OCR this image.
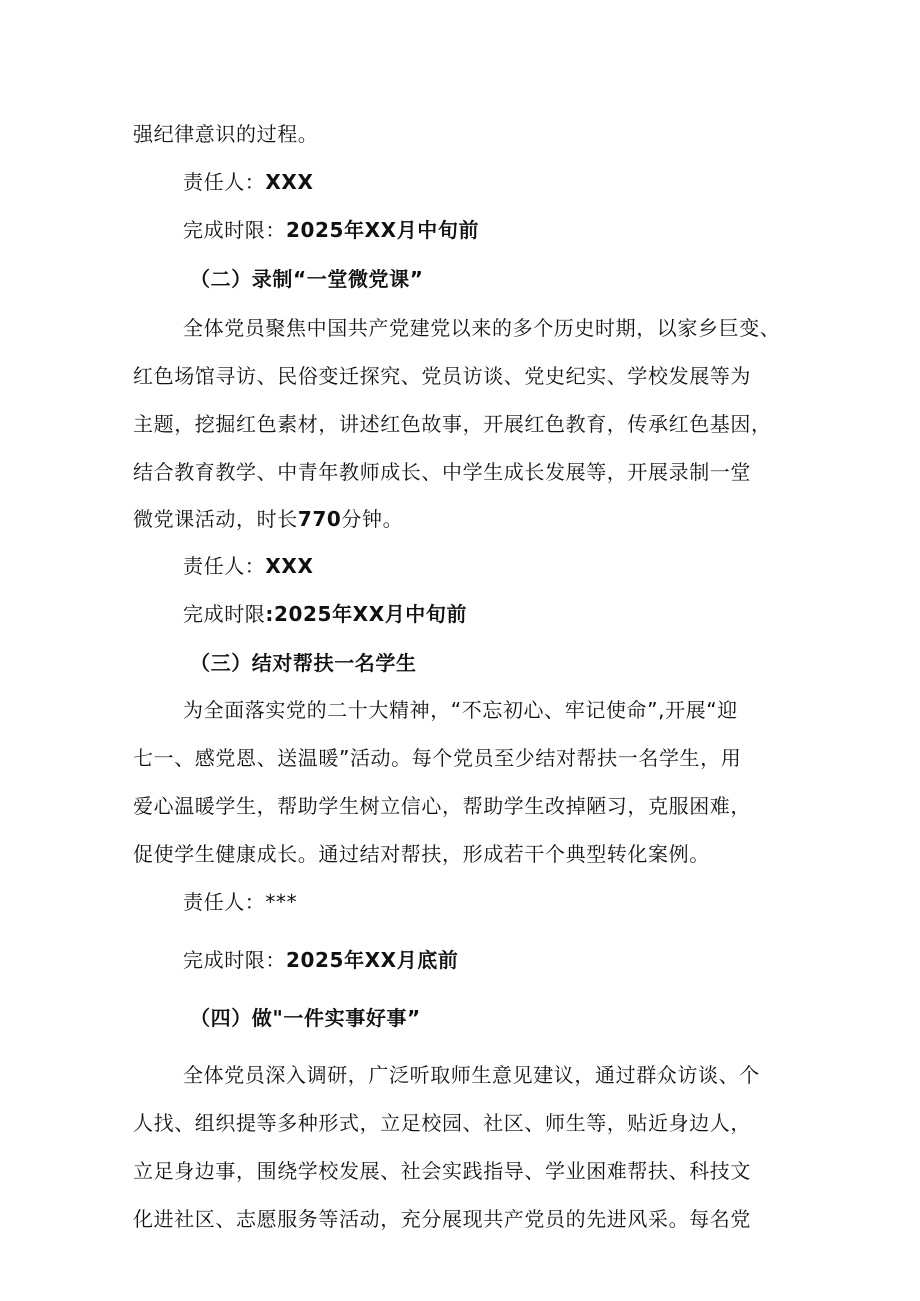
强纪律意识的过程。
责任人：XXX
完成时限：2025年XX月中旬前
（二）录制“一堂微党课”
全体党员聚焦中国共产党建党以来的多个历史时期，以家乡巨变、
红色场馆寻访、民俗变迁探究、党员访谈、党史纪实、学校发展等为
主题，挖掘红色素材，讲述红色故事，开展红色教育，传承红色基因，
结合教育教学、中青年教师成长、中学生成长发展等，开展录制一堂
微党课活动，时长770分钟。
责任人：XXX
完成时限:2025年XX月中旬前
（三）结对帮扶一名学生
为全面落实党的二十大精神，“不忘初心、牢记使命”,开展“迎
七一、感党恩、送温暖”活动。每个党员至少结对帮扶一名学生，用
爱心温暖学生，帮助学生树立信心，帮助学生改掉陋习，克服困难，
促使学生健康成长。通过结对帮扶，形成若干个典型转化案例。
责任人：***
完成时限：2025年XX月底前
（四）做"一件实事好事”
全体党员深入调研，广泛听取师生意见建议，通过群众访谈、个
人找、组织提等多种形式，立足校园、社区、师生等，贴近身边人，
立足身边事，围绕学校发展、社会实践指导、学业困难帮扶、科技文
化进社区、志愿服务等活动，充分展现共产党员的先进风采。每名党
